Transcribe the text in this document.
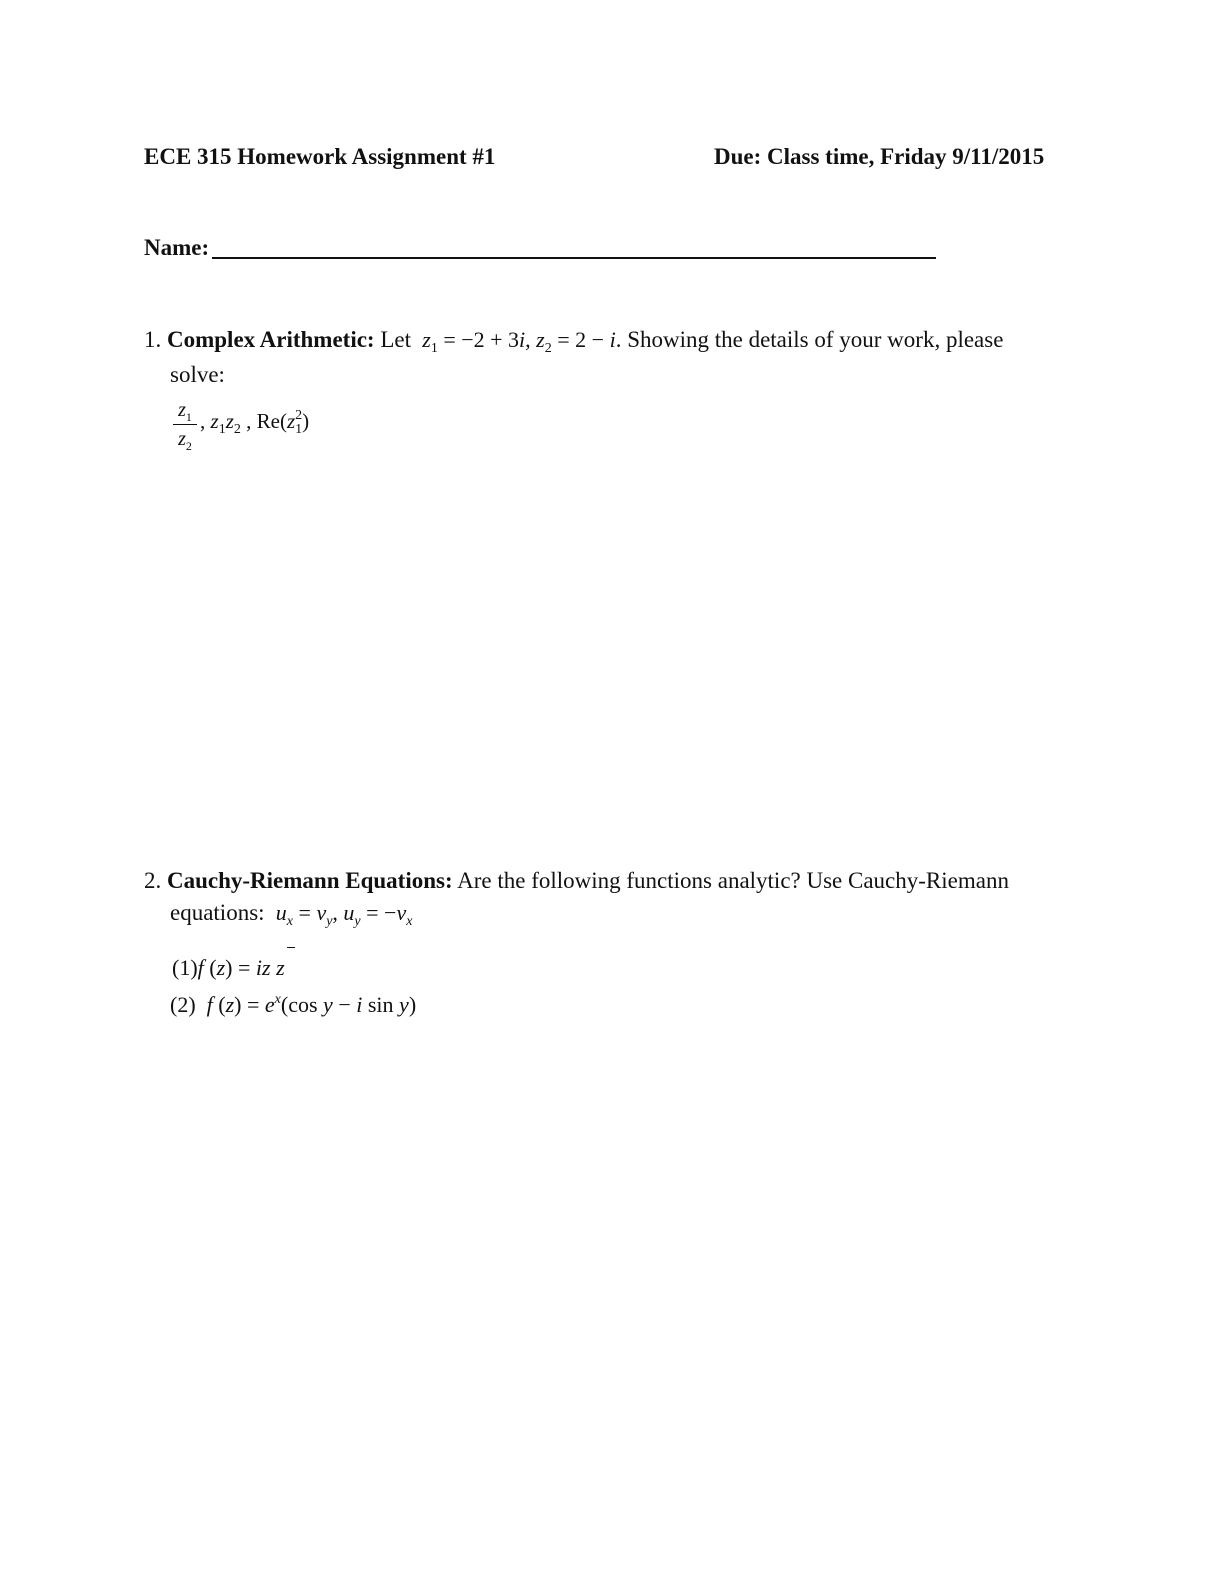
ECE 315 Homework Assignment #1	Due: Class time, Friday 9/11/2015
Name:
1. Complex Arithmetic: Let $z_1 = -2 + 3i$, $z_2 = 2 - i$. Showing the details of your work, please
solve:
$z_1$
$z_2$
, $z_1z_2$ , $Re(z_1^2)$
2. Cauchy-Riemann Equations: Are the following functions analytic? Use Cauchy-Riemann
equations: $u_x = v_y$, $u_y = -v_x$
(1)f (z) = iz z
(2) f $(z) = e^x(\cos$ y − i sin y)
